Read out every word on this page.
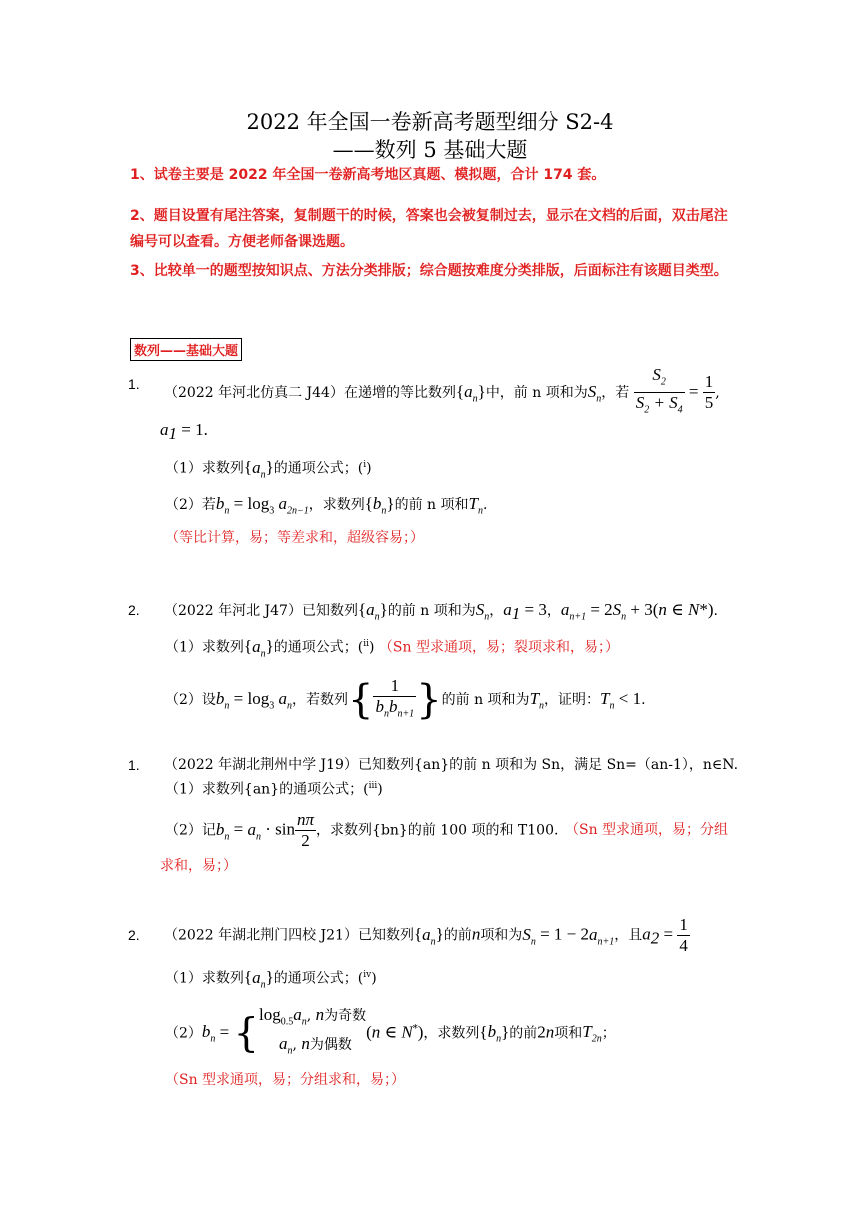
2022 年全国一卷新高考题型细分 S2-4
——数列 5 基础大题
1、试卷主要是 2022 年全国一卷新高考地区真题、模拟题，合计 174 套。
2、题目设置有尾注答案，复制题干的时候，答案也会被复制过去，显示在文档的后面，双击尾注编号可以查看。方便老师备课选题。
3、比较单一的题型按知识点、方法分类排版；综合题按难度分类排版，后面标注有该题目类型。
数列——基础大题
1.
（2022 年河北仿真二 J44）在递增的等比数列$\{a_n\}$中，前 n 项和为$S_n$，若 $\frac{S_2}{S_2 + S_4} = \frac{1}{5}$ ,
$a_1 = 1$.
（1）求数列$\{a_n\}$的通项公式；($^i$)
（2）若$b_n = \log_3 a_{2n-1}$，求数列$\{b_n\}$的前 n 项和$T_n$.
（等比计算，易；等差求和，超级容易；）
2. （2022 年河北 J47）已知数列$\{a_n\}$的前 n 项和为$S_n$，$a_1 = 3$，$a_{n+1} = 2S_n + 3(n$ ∈ N*).
（1）求数列$\{a_n\}$的通项公式；($^{ii}$) （Sn 型求通项，易；裂项求和，易；）
（2）设$b_n = \log_3 a_n$，若数列{ $\frac{1}{b_nb_{n+1}}$ }的前 n 项和为$T_n$，证明：$T_n < 1$.
1. （2022 年湖北荆州中学 J19）已知数列{an}的前 n 项和为 Sn，满足 Sn=（an-1），n∈N.
（1）求数列{an}的通项公式；($^{iii}$)
（2）记$b_n = a_n \cdot \sin \frac{n\pi}{2}$ ，求数列{bn}的前 100 项的和 T100. （Sn 型求通项，易；分组求和，易；）
2. （2022 年湖北荆门四校 J21）已知数列$\{a_n\}$的前n项和为$S_n = 1 - 2a_{n+1}$，且$a_2 = \frac{1}{4}$
（1）求数列$\{a_n\}$的通项公式；($^{iv}$)
$(2)b_n$ = { $\log_{0.5}a_n$, n为奇数
$a_n$, n为偶数
(n ∈ N*)，求数列$\{b_n\}$的前2n项和$T_{2n}$；
（Sn 型求通项，易；分组求和，易；）
